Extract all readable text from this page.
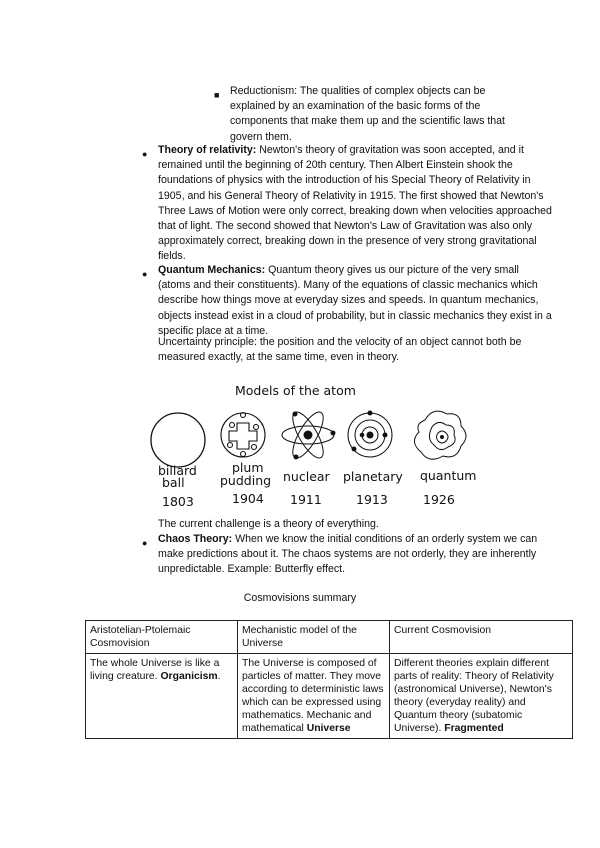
■ Reductionism: The qualities of complex objects can be explained by an examination of the basic forms of the components that make them up and the scientific laws that govern them.
● Theory of relativity: Newton's theory of gravitation was soon accepted, and it remained until the beginning of 20th century. Then Albert Einstein shook the foundations of physics with the introduction of his Special Theory of Relativity in 1905, and his General Theory of Relativity in 1915. The first showed that Newton's Three Laws of Motion were only correct, breaking down when velocities approached that of light. The second showed that Newton's Law of Gravitation was also only approximately correct, breaking down in the presence of very strong gravitational fields.
● Quantum Mechanics: Quantum theory gives us our picture of the very small (atoms and their constituents). Many of the equations of classic mechanics which describe how things move at everyday sizes and speeds. In quantum mechanics, objects instead exist in a cloud of probability, but in classic mechanics they exist in a specific place at a time.
Uncertainty principle: the position and the velocity of an object cannot both be measured exactly, at the same time, even in theory.
Models of the atom
billard
ball
1803
plum
pudding
1904
nuclear
1911
planetary
1913
quantum
1926
The current challenge is a theory of everything.
● Chaos Theory: When we know the initial conditions of an orderly system we can make predictions about it. The chaos systems are not orderly, they are inherently unpredictable. Example: Butterfly effect.
Cosmovisions summary
Aristotelian-Ptolemaic Cosmovision	Mechanistic model of the Universe	Current Cosmovision
The whole Universe is like a living creature. Organicism.	The Universe is composed of particles of matter. They move according to deterministic laws which can be expressed using mathematics. Mechanic and mathematical Universe	Different theories explain different parts of reality: Theory of Relativity (astronomical Universe), Newton's theory (everyday reality) and Quantum theory (subatomic Universe). Fragmented
